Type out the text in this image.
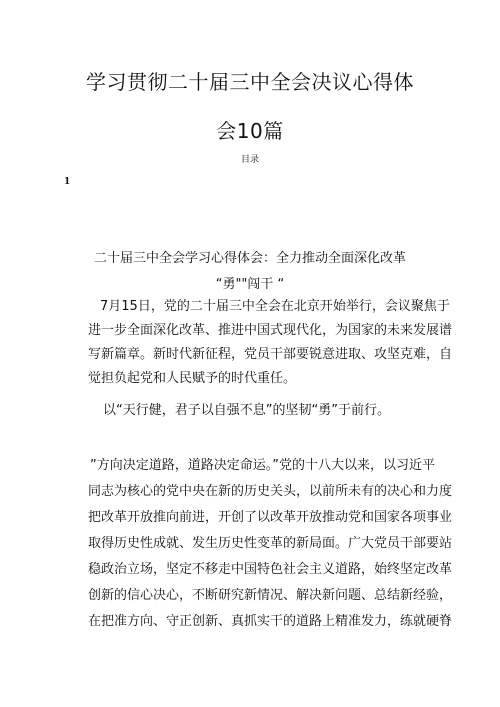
学习贯彻二十届三中全会决议心得体
会10篇
目录
1
二十届三中全会学习心得体会：全力推动全面深化改革
“勇""闯干 “
7月15日，党的二十届三中全会在北京开始举行，会议聚焦于
进一步全面深化改革、推进中国式现代化，为国家的未来发展谱
写新篇章。新时代新征程，党员干部要锐意进取、攻坚克难，自
觉担负起党和人民赋予的时代重任。
以“天行健，君子以自强不息”的坚韧“勇”于前行。
”方向决定道路，道路决定命运。”党的十八大以来，以习近平
同志为核心的党中央在新的历史关头，以前所未有的决心和力度
把改革开放推向前进，开创了以改革开放推动党和国家各项事业
取得历史性成就、发生历史性变革的新局面。广大党员干部要站
稳政治立场，坚定不移走中国特色社会主义道路，始终坚定改革
创新的信心决心，不断研究新情况、解决新问题、总结新经验，
在把准方向、守正创新、真抓实干的道路上精准发力，练就硬脊
